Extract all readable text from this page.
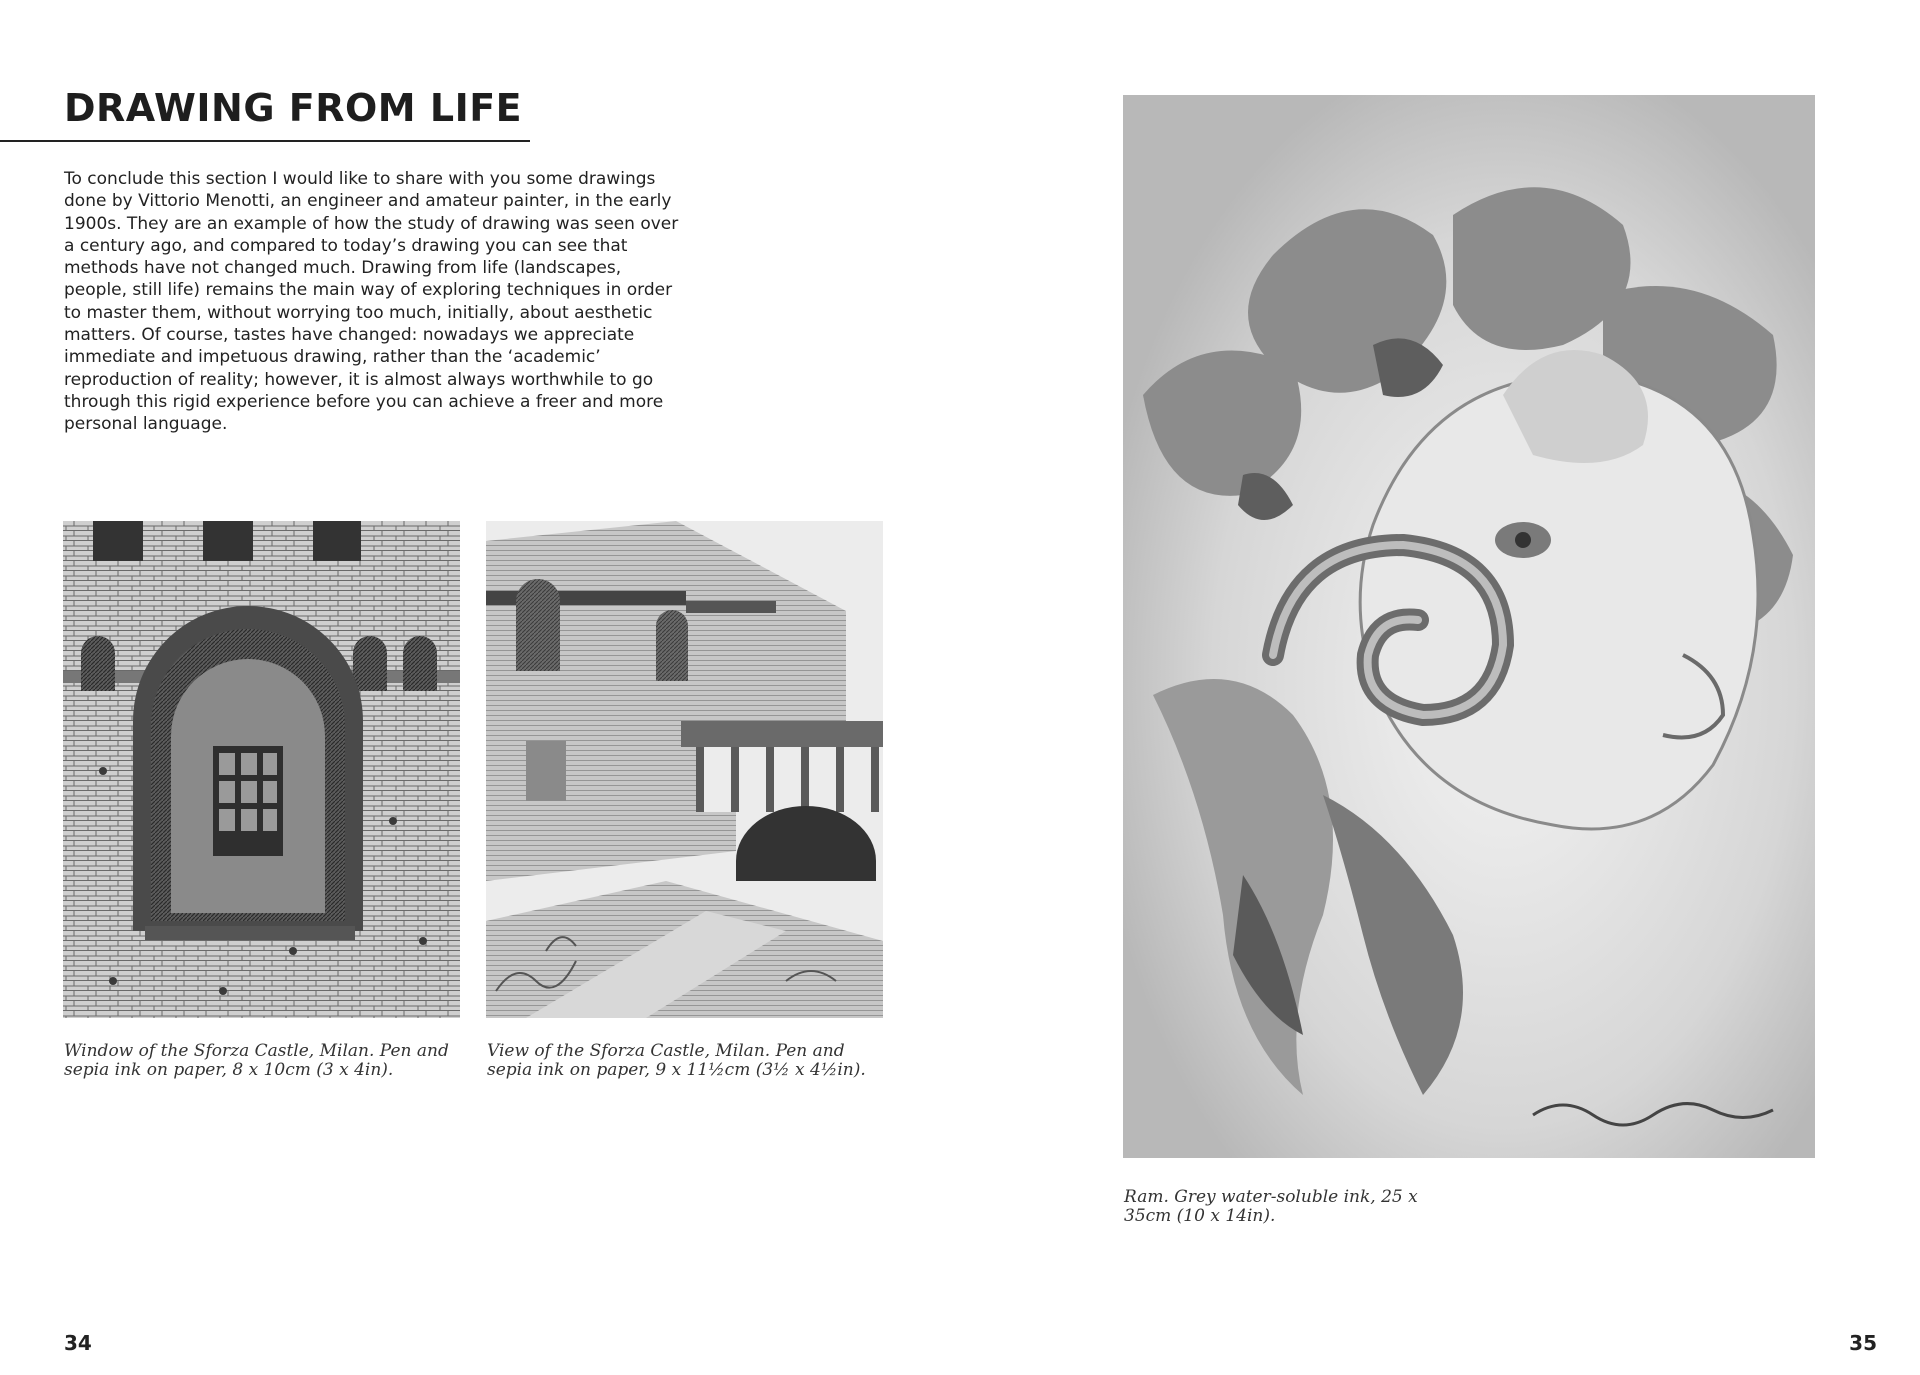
DRAWING FROM LIFE

To conclude this section I would like to share with you some drawings done by Vittorio Menotti, an engineer and amateur painter, in the early 1900s. They are an example of how the study of drawing was seen over a century ago, and compared to today’s drawing you can see that methods have not changed much. Drawing from life (landscapes, people, still life) remains the main way of exploring techniques in order to master them, without worrying too much, initially, about aesthetic matters. Of course, tastes have changed: nowadays we appreciate immediate and impetuous drawing, rather than the ‘academic’ reproduction of reality; however, it is almost always worthwhile to go through this rigid experience before you can achieve a freer and more personal language.

Window of the Sforza Castle, Milan. Pen and sepia ink on paper, 8 x 10cm (3 x 4in).

View of the Sforza Castle, Milan. Pen and sepia ink on paper, 9 x 11½cm (3½ x 4½in).

Ram. Grey water-soluble ink, 25 x 35cm (10 x 14in).

34	35
